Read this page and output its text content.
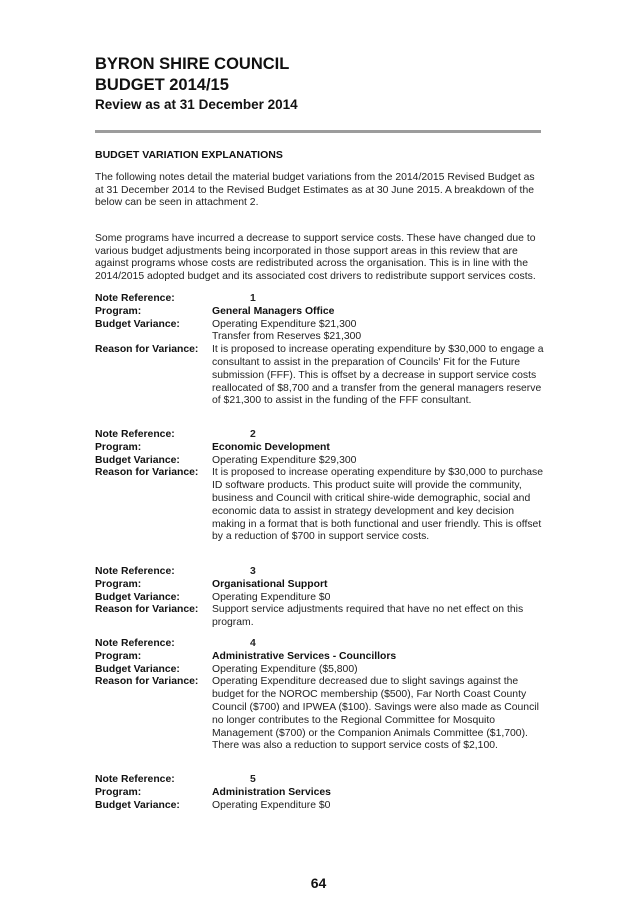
BYRON SHIRE COUNCIL
BUDGET 2014/15
Review as at 31 December 2014
BUDGET VARIATION EXPLANATIONS

The following notes detail the material budget variations from the 2014/2015 Revised Budget as at 31 December 2014 to the Revised Budget Estimates as at 30 June 2015. A breakdown of the below can be seen in attachment 2.

Some programs have incurred a decrease to support service costs. These have changed due to various budget adjustments being incorporated in those support areas in this review that are against programs whose costs are redistributed across the organisation. This is in line with the 2014/2015 adopted budget and its associated cost drivers to redistribute support services costs.

Note Reference:	1
Program:	General Managers Office
Budget Variance:	Operating Expenditure $21,300
Transfer from Reserves $21,300
Reason for Variance:	It is proposed to increase operating expenditure by $30,000 to engage a consultant to assist in the preparation of Councils' Fit for the Future submission (FFF). This is offset by a decrease in support service costs reallocated of $8,700 and a transfer from the general managers reserve of $21,300 to assist in the funding of the FFF consultant.
Note Reference:	2
Program:	Economic Development
Budget Variance:	Operating Expenditure $29,300
Reason for Variance:	It is proposed to increase operating expenditure by $30,000 to purchase ID software products. This product suite will provide the community, business and Council with critical shire-wide demographic, social and economic data to assist in strategy development and key decision making in a format that is both functional and user friendly. This is offset by a reduction of $700 in support service costs.
Note Reference:	3
Program:	Organisational Support
Budget Variance:	Operating Expenditure $0
Reason for Variance:	Support service adjustments required that have no net effect on this program.
Note Reference:	4
Program:	Administrative Services - Councillors
Budget Variance:	Operating Expenditure ($5,800)
Reason for Variance:	Operating Expenditure decreased due to slight savings against the budget for the NOROC membership ($500), Far North Coast County Council ($700) and IPWEA ($100). Savings were also made as Council no longer contributes to the Regional Committee for Mosquito Management ($700) or the Companion Animals Committee ($1,700). There was also a reduction to support service costs of $2,100.
Note Reference:	5
Program:	Administration Services
Budget Variance:	Operating Expenditure $0
64
